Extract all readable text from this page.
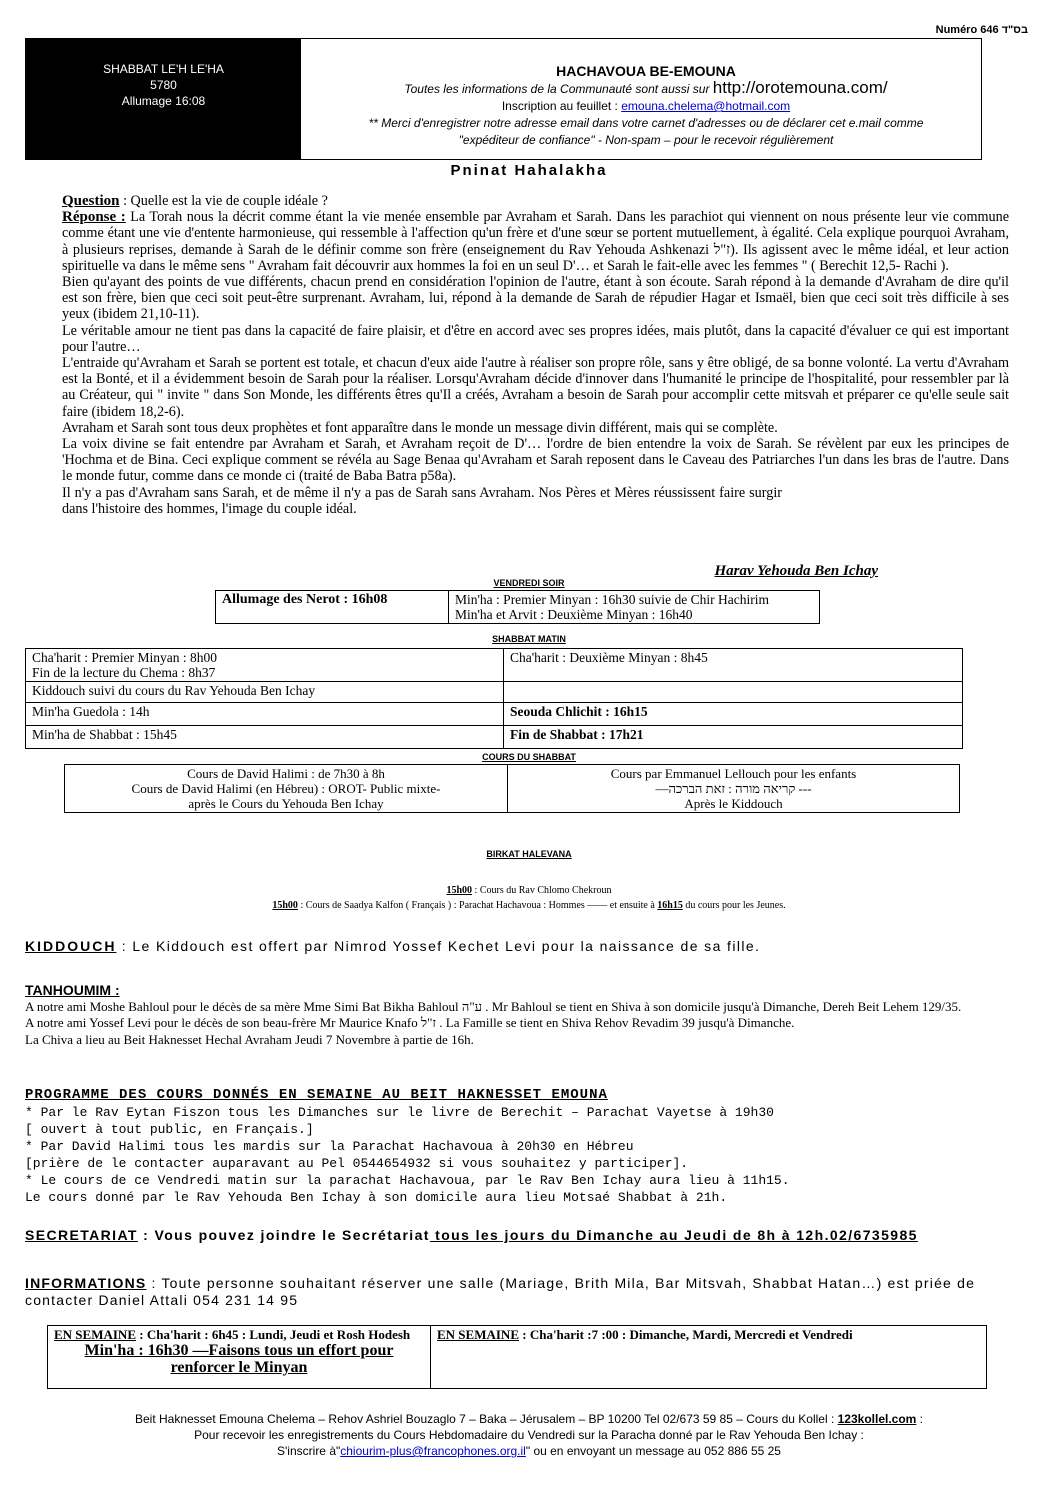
Numéro 646 בס"ד
SHABBAT LE'H LE'HA
5780
Allumage 16:08
HACHAVOUA BE-EMOUNA
Toutes les informations de la Communauté sont aussi sur http://orotemouna.com/
Inscription au feuillet : emouna.chelema@hotmail.com
** Merci d'enregistrer notre adresse email dans votre carnet d'adresses ou de déclarer cet e.mail comme
"expéditeur de confiance" - Non-spam – pour le recevoir régulièrement
Pninat Hahalakha

Question : Quelle est la vie de couple idéale ?

Réponse : La Torah nous la décrit comme étant la vie menée ensemble par Avraham et Sarah. Dans les parachiot qui viennent on nous présente leur vie commune comme étant une vie d'entente harmonieuse, qui ressemble à l'affection qu'un frère et d'une sœur se portent mutuellement, à égalité. Cela explique pourquoi Avraham, à plusieurs reprises, demande à Sarah de le définir comme son frère (enseignement du Rav Yehouda Ashkenazi ז"ל). Ils agissent avec le même idéal, et leur action spirituelle va dans le même sens " Avraham fait découvrir aux hommes la foi en un seul D'… et Sarah le fait-elle avec les femmes " ( Berechit 12,5- Rachi ).

Bien qu'ayant des points de vue différents, chacun prend en considération l'opinion de l'autre, étant à son écoute. Sarah répond à la demande d'Avraham de dire qu'il est son frère, bien que ceci soit peut-être surprenant. Avraham, lui, répond à la demande de Sarah de répudier Hagar et Ismaël, bien que ceci soit très difficile à ses yeux (ibidem 21,10-11).

Le véritable amour ne tient pas dans la capacité de faire plaisir, et d'être en accord avec ses propres idées, mais plutôt, dans la capacité d'évaluer ce qui est important pour l'autre…

L'entraide qu'Avraham et Sarah se portent est totale, et chacun d'eux aide l'autre à réaliser son propre rôle, sans y être obligé, de sa bonne volonté. La vertu d'Avraham est la Bonté, et il a évidemment besoin de Sarah pour la réaliser. Lorsqu'Avraham décide d'innover dans l'humanité le principe de l'hospitalité, pour ressembler par là au Créateur, qui " invite " dans Son Monde, les différents êtres qu'Il a créés, Avraham a besoin de Sarah pour accomplir cette mitsvah et préparer ce qu'elle seule sait faire (ibidem 18,2-6).

Avraham et Sarah sont tous deux prophètes et font apparaître dans le monde un message divin différent, mais qui se complète.

La voix divine se fait entendre par Avraham et Sarah, et Avraham reçoit de D'… l'ordre de bien entendre la voix de Sarah. Se révèlent par eux les principes de 'Hochma et de Bina. Ceci explique comment se révéla au Sage Benaa qu'Avraham et Sarah reposent dans le Caveau des Patriarches l'un dans les bras de l'autre. Dans le monde futur, comme dans ce monde ci (traité de Baba Batra p58a).

Il n'y a pas d'Avraham sans Sarah, et de même il n'y a pas de Sarah sans Avraham. Nos Pères et Mères réussissent faire surgir dans l'histoire des hommes, l'image du couple idéal.

Harav Yehouda Ben Ichay
VENDREDI SOIR
Allumage des Nerot : 16h08	Min'ha : Premier Minyan : 16h30 suivie de Chir Hachirim
Min'ha et Arvit : Deuxième Minyan : 16h40
SHABBAT MATIN
Cha'harit : Premier Minyan : 8h00
Fin de la lecture du Chema : 8h37	Cha'harit : Deuxième Minyan : 8h45
Kiddouch suivi du cours du Rav Yehouda Ben Ichay	
Min'ha Guedola : 14h	Seouda Chlichit : 16h15
Min'ha de Shabbat : 15h45	Fin de Shabbat : 17h21
COURS DU SHABBAT
Cours de David Halimi : de 7h30 à 8h
Cours de David Halimi (en Hébreu) : OROT- Public mixte-
après le Cours du Yehouda Ben Ichay

Cours par Emmanuel Lellouch pour les enfants
—קריאה מורה : זאת הברכה ---
Après le Kiddouch
BIRKAT HALEVANA
15h00 : Cours du Rav Chlomo Chekroun
15h00 : Cours de Saadya Kalfon ( Français ) : Parachat Hachavoua : Hommes —— et ensuite à 16h15 du cours pour les Jeunes.
KIDDOUCH : Le Kiddouch est offert par Nimrod Yossef Kechet Levi pour la naissance de sa fille.
TANHOUMIM :
A notre ami Moshe Bahloul pour le décès de sa mère Mme Simi Bat Bikha Bahloul ע"ה . Mr Bahloul se tient en Shiva à son domicile jusqu'à Dimanche, Dereh Beit Lehem 129/35.
A notre ami Yossef Levi pour le décès de son beau-frère Mr Maurice Knafo ז"ל . La Famille se tient en Shiva Rehov Revadim 39 jusqu'à Dimanche.
La Chiva a lieu au Beit Haknesset Hechal Avraham Jeudi 7 Novembre à partie de 16h.
PROGRAMME DES COURS DONNÉS EN SEMAINE AU BEIT HAKNESSET EMOUNA
* Par le Rav Eytan Fiszon tous les Dimanches sur le livre de Berechit – Parachat Vayetse à 19h30
[ ouvert à tout public, en Français.]
* Par David Halimi tous les mardis sur la Parachat Hachavoua à 20h30 en Hébreu
[prière de le contacter auparavant au Pel 0544654932 si vous souhaitez y participer].
* Le cours de ce Vendredi matin sur la parachat Hachavoua, par le Rav Ben Ichay aura lieu à 11h15.
Le cours donné par le Rav Yehouda Ben Ichay à son domicile aura lieu Motsaé Shabbat à 21h.
SECRETARIAT : Vous pouvez joindre le Secrétariat tous les jours du Dimanche au Jeudi de 8h à 12h.02/6735985
INFORMATIONS : Toute personne souhaitant réserver une salle (Mariage, Brith Mila, Bar Mitsvah, Shabbat Hatan…) est priée de contacter Daniel Attali 054 231 14 95
EN SEMAINE : Cha'harit : 6h45 : Lundi, Jeudi et Rosh Hodesh
Min'ha : 16h30 —Faisons tous un effort pour renforcer le Minyan
	EN SEMAINE : Cha'harit :7 :00 : Dimanche, Mardi, Mercredi et Vendredi
Beit Haknesset Emouna Chelema – Rehov Ashriel Bouzaglo 7 – Baka – Jérusalem – BP 10200 Tel 02/673 59 85 – Cours du Kollel : 123kollel.com :
Pour recevoir les enregistrements du Cours Hebdomadaire du Vendredi sur la Paracha donné par le Rav Yehouda Ben Ichay :
S'inscrire à"chiourim-plus@francophones.org.il" ou en envoyant un message au 052 886 55 25
